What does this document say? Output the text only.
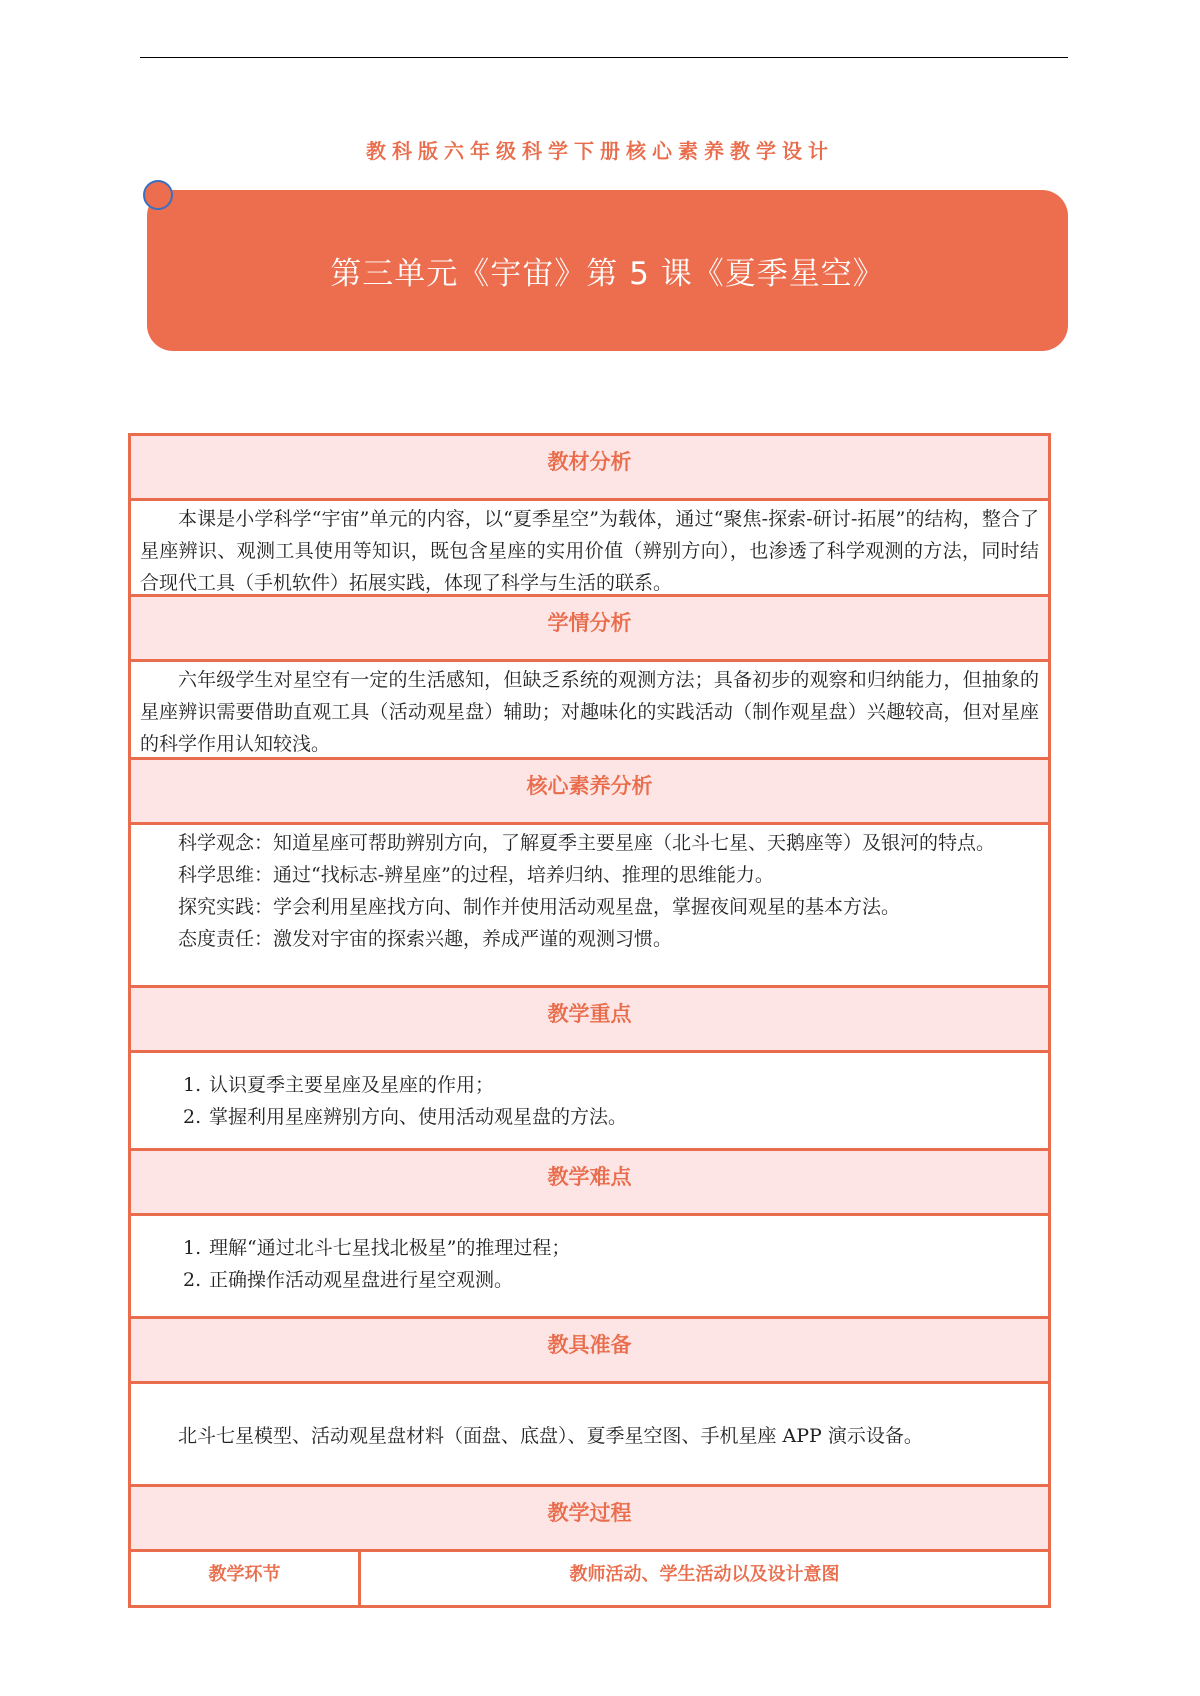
教科版六年级科学下册核心素养教学设计
第三单元《宇宙》第 5 课《夏季星空》
教材分析

本课是小学科学“宇宙”单元的内容，以“夏季星空”为载体，通过“聚焦-探索-研讨-拓展”的结构，整合了星座辨识、观测工具使用等知识，既包含星座的实用价值（辨别方向），也渗透了科学观测的方法，同时结合现代工具（手机软件）拓展实践，体现了科学与生活的联系。

学情分析

六年级学生对星空有一定的生活感知，但缺乏系统的观测方法；具备初步的观察和归纳能力，但抽象的星座辨识需要借助直观工具（活动观星盘）辅助；对趣味化的实践活动（制作观星盘）兴趣较高，但对星座的科学作用认知较浅。

核心素养分析

科学观念：知道星座可帮助辨别方向，了解夏季主要星座（北斗七星、天鹅座等）及银河的特点。

科学思维：通过“找标志-辨星座”的过程，培养归纳、推理的思维能力。

探究实践：学会利用星座找方向、制作并使用活动观星盘，掌握夜间观星的基本方法。

态度责任：激发对宇宙的探索兴趣，养成严谨的观测习惯。

教学重点
1. 认识夏季主要星座及星座的作用；
2. 掌握利用星座辨别方向、使用活动观星盘的方法。
教学难点
1. 理解“通过北斗七星找北极星”的推理过程；
2. 正确操作活动观星盘进行星空观测。
教具准备

北斗七星模型、活动观星盘材料（面盘、底盘）、夏季星空图、手机星座 APP 演示设备。

教学过程
教学环节	教师活动、学生活动以及设计意图
